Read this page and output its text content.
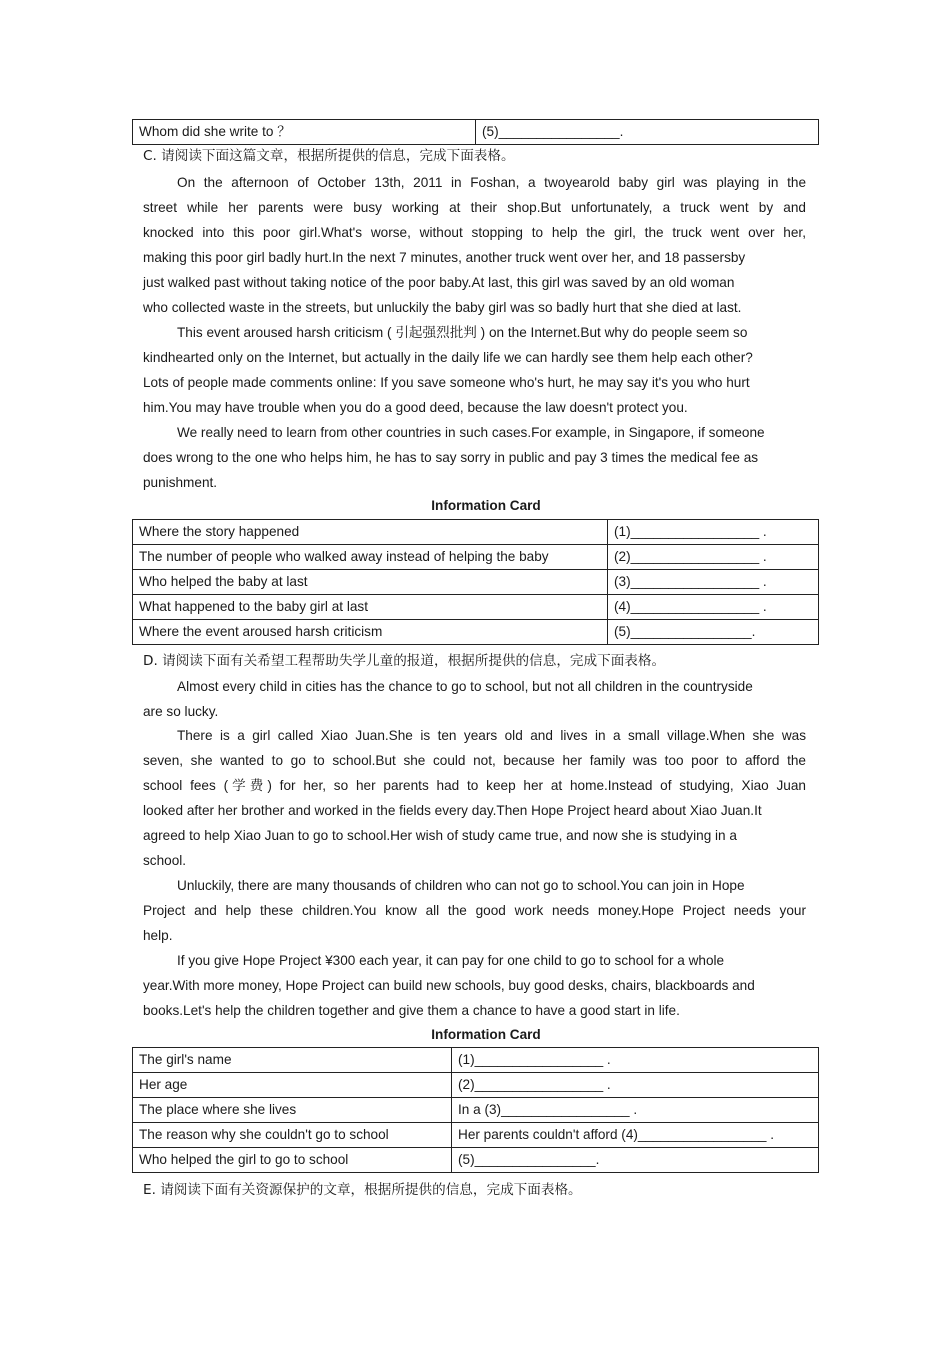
Whom did she write to ？	(5)________________.
C. 请阅读下面这篇文章，根据所提供的信息，完成下面表格。
On the afternoon of October 13th, 2011 in Foshan, a twoyearold baby girl was playing in the
street while her parents were busy working at their shop.But unfortunately, a truck went by and
knocked into this poor girl.What's worse, without stopping to help the girl, the truck went over her,
making this poor girl badly hurt.In the next 7 minutes, another truck went over her, and 18 passersby
just walked past without taking notice of the poor baby.At last, this girl was saved by an old woman
who collected waste in the streets, but unluckily the baby girl was so badly hurt that she died at last.
This event aroused harsh criticism ( 引起强烈批判 ) on the Internet.But why do people seem so
kindhearted only on the Internet, but actually in the daily life we can hardly see them help each other?
Lots of people made comments online: If you save someone who's hurt, he may say it's you who hurt
him.You may have trouble when you do a good deed, because the law doesn't protect you.
We really need to learn from other countries in such cases.For example, in Singapore, if someone
does wrong to the one who helps him, he has to say sorry in public and pay 3 times the medical fee as
punishment.
Information Card
Where the story happened	(1)_________________ .
The number of people who walked away instead of helping the baby	(2)_________________ .
Who helped the baby at last	(3)_________________ .
What happened to the baby girl at last	(4)_________________ .
Where the event aroused harsh criticism	(5)________________.
D. 请阅读下面有关希望工程帮助失学儿童的报道，根据所提供的信息，完成下面表格。
Almost every child in cities has the chance to go to school, but not all children in the countryside
are so lucky.
There is a girl called Xiao Juan.She is ten years old and lives in a small village.When she was
seven, she wanted to go to school.But she could not, because her family was too poor to afford the
school fees (学费) for her, so her parents had to keep her at home.Instead of studying, Xiao Juan
looked after her brother and worked in the fields every day.Then Hope Project heard about Xiao Juan.It
agreed to help Xiao Juan to go to school.Her wish of study came true, and now she is studying in a
school.
Unluckily, there are many thousands of children who can not go to school.You can join in Hope
Project and help these children.You know all the good work needs money.Hope Project needs your
help.
If you give Hope Project ¥300 each year, it can pay for one child to go to school for a whole
year.With more money, Hope Project can build new schools, buy good desks, chairs, blackboards and
books.Let's help the children together and give them a chance to have a good start in life.
Information Card
The girl's name	(1)_________________ .
Her age	(2)_________________ .
The place where she lives	In a (3)_________________ .
The reason why she couldn't go to school	Her parents couldn't afford (4)_________________ .
Who helped the girl to go to school	(5)________________.
E. 请阅读下面有关资源保护的文章，根据所提供的信息，完成下面表格。
